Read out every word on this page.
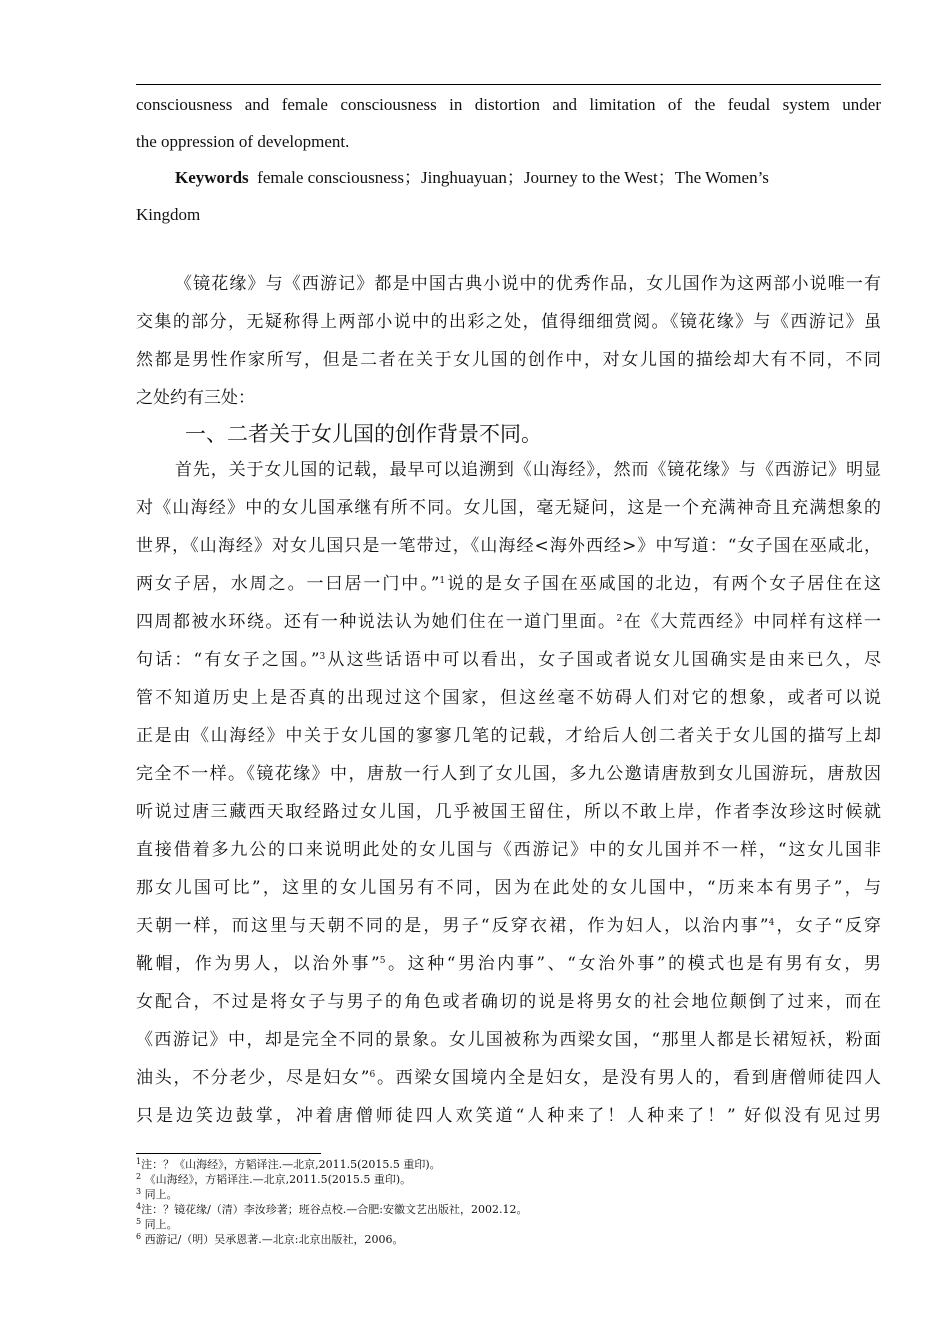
consciousness and female consciousness in distortion and limitation of the feudal system under
the oppression of development.
Keywords female consciousness；Jinghuayuan；Journey to the West；The Women’s
Kingdom
《镜花缘》与《西游记》都是中国古典小说中的优秀作品，女儿国作为这两部小说唯一有
交集的部分，无疑称得上两部小说中的出彩之处，值得细细赏阅。《镜花缘》与《西游记》虽
然都是男性作家所写，但是二者在关于女儿国的创作中，对女儿国的描绘却大有不同，不同
之处约有三处：
一、二者关于女儿国的创作背景不同。
首先，关于女儿国的记载，最早可以追溯到《山海经》，然而《镜花缘》与《西游记》明显
对《山海经》中的女儿国承继有所不同。女儿国，毫无疑问，这是一个充满神奇且充满想象的
世界，《山海经》对女儿国只是一笔带过，《山海经<海外西经>》中写道：“女子国在巫咸北，
两女子居，水周之。一曰居一门中。”$^1$说的是女子国在巫咸国的北边，有两个女子居住在这
四周都被水环绕。还有一种说法认为她们住在一道门里面。$^2$在《大荒西经》中同样有这样一
句话：“有女子之国。”$^3$从这些话语中可以看出，女子国或者说女儿国确实是由来已久，尽
管不知道历史上是否真的出现过这个国家，但这丝毫不妨碍人们对它的想象，或者可以说
正是由《山海经》中关于女儿国的寥寥几笔的记载，才给后人创二者关于女儿国的描写上却
完全不一样。《镜花缘》中，唐敖一行人到了女儿国，多九公邀请唐敖到女儿国游玩，唐敖因
听说过唐三藏西天取经路过女儿国，几乎被国王留住，所以不敢上岸，作者李汝珍这时候就
直接借着多九公的口来说明此处的女儿国与《西游记》中的女儿国并不一样，“这女儿国非
那女儿国可比”，这里的女儿国另有不同，因为在此处的女儿国中，“历来本有男子”，与
天朝一样，而这里与天朝不同的是，男子“反穿衣裙，作为妇人，以治内事”$^4$，女子“反穿
靴帽，作为男人，以治外事”$^5$。这种“男治内事”、“女治外事”的模式也是有男有女，男
女配合，不过是将女子与男子的角色或者确切的说是将男女的社会地位颠倒了过来，而在
《西游记》中，却是完全不同的景象。女儿国被称为西梁女国，“那里人都是长裙短袄，粉面
油头，不分老少，尽是妇女”$^6$。西梁女国境内全是妇女，是没有男人的，看到唐僧师徒四人
只是边笑边鼓掌，冲着唐僧师徒四人欢笑道“人种来了！人种来了！” 好似没有见过男
$^1$注：？《山海经》，方韬译注.—北京,2011.5(2015.5 重印)。
$^2$ 《山海经》，方韬译注.—北京,2011.5(2015.5 重印)。
$^3$ 同上。
$^4$注：？镜花缘/（清）李汝珍著；班谷点校.—合肥:安徽文艺出版社，2002.12。
$^5$ 同上。
$^6$ 西游记/（明）吴承恩著.—北京:北京出版社，2006。
